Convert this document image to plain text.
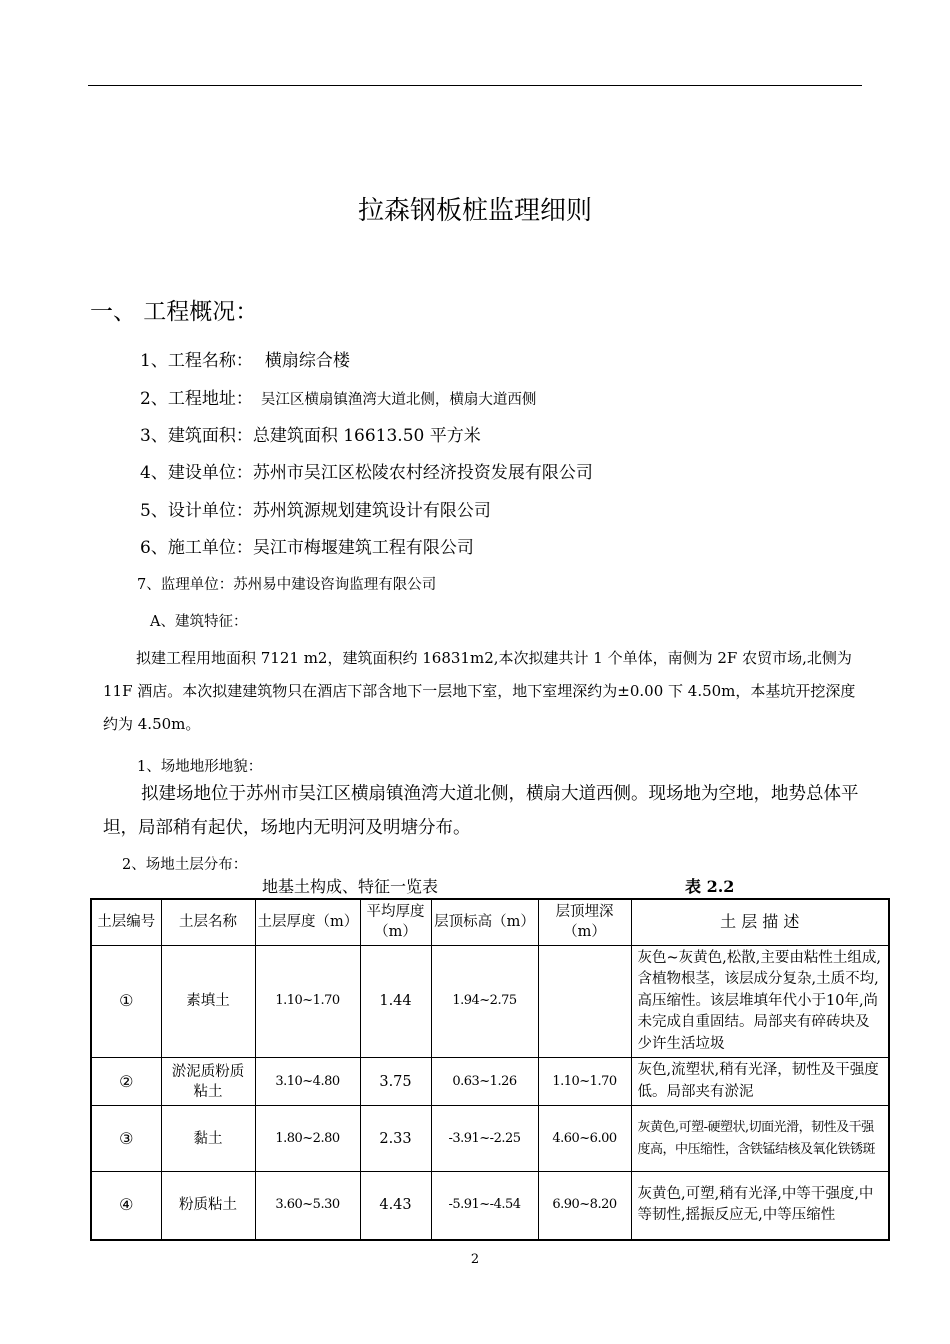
拉森钢板桩监理细则
一、 工程概况：
1、工程名称： 横扇综合楼
2、工程地址： 吴江区横扇镇渔湾大道北侧，横扇大道西侧
3、建筑面积：总建筑面积 16613.50 平方米
4、建设单位：苏州市吴江区松陵农村经济投资发展有限公司
5、设计单位：苏州筑源规划建筑设计有限公司
6、施工单位：吴江市梅堰建筑工程有限公司
7、监理单位：苏州易中建设咨询监理有限公司
A、建筑特征：
拟建工程用地面积 7121 m2，建筑面积约 16831m2,本次拟建共计 1 个单体，南侧为 2F 农贸市场,北侧为 11F 酒店。本次拟建建筑物只在酒店下部含地下一层地下室，地下室埋深约为±0.00 下 4.50m，本基坑开挖深度约为 4.50m。
1、场地地形地貌：
拟建场地位于苏州市吴江区横扇镇渔湾大道北侧，横扇大道西侧。现场地为空地，地势总体平坦，局部稍有起伏，场地内无明河及明塘分布。
2、场地土层分布：
地基土构成、特征一览表	表 2.2
土层编号	土层名称	土层厚度（m）	平均厚度（m）	层顶标高（m）	层顶埋深（m）	土 层 描 述
①	素填土	1.10~1.70	1.44	1.94~2.75		灰色~灰黄色,松散,主要由粘性土组成,含植物根茎，该层成分复杂,土质不均,高压缩性。该层堆填年代小于10年,尚未完成自重固结。局部夹有碎砖块及少许生活垃圾
②	淤泥质粉质粘土	3.10~4.80	3.75	0.63~1.26	1.10~1.70	灰色,流塑状,稍有光泽，韧性及干强度低。局部夹有淤泥
③	黏土	1.80~2.80	2.33	-3.91~-2.25	4.60~6.00	灰黄色,可塑-硬塑状,切面光滑，韧性及干强度高，中压缩性，含铁锰结核及氧化铁锈斑
④	粉质粘土	3.60~5.30	4.43	-5.91~-4.54	6.90~8.20	灰黄色,可塑,稍有光泽,中等干强度,中等韧性,摇振反应无,中等压缩性
2
